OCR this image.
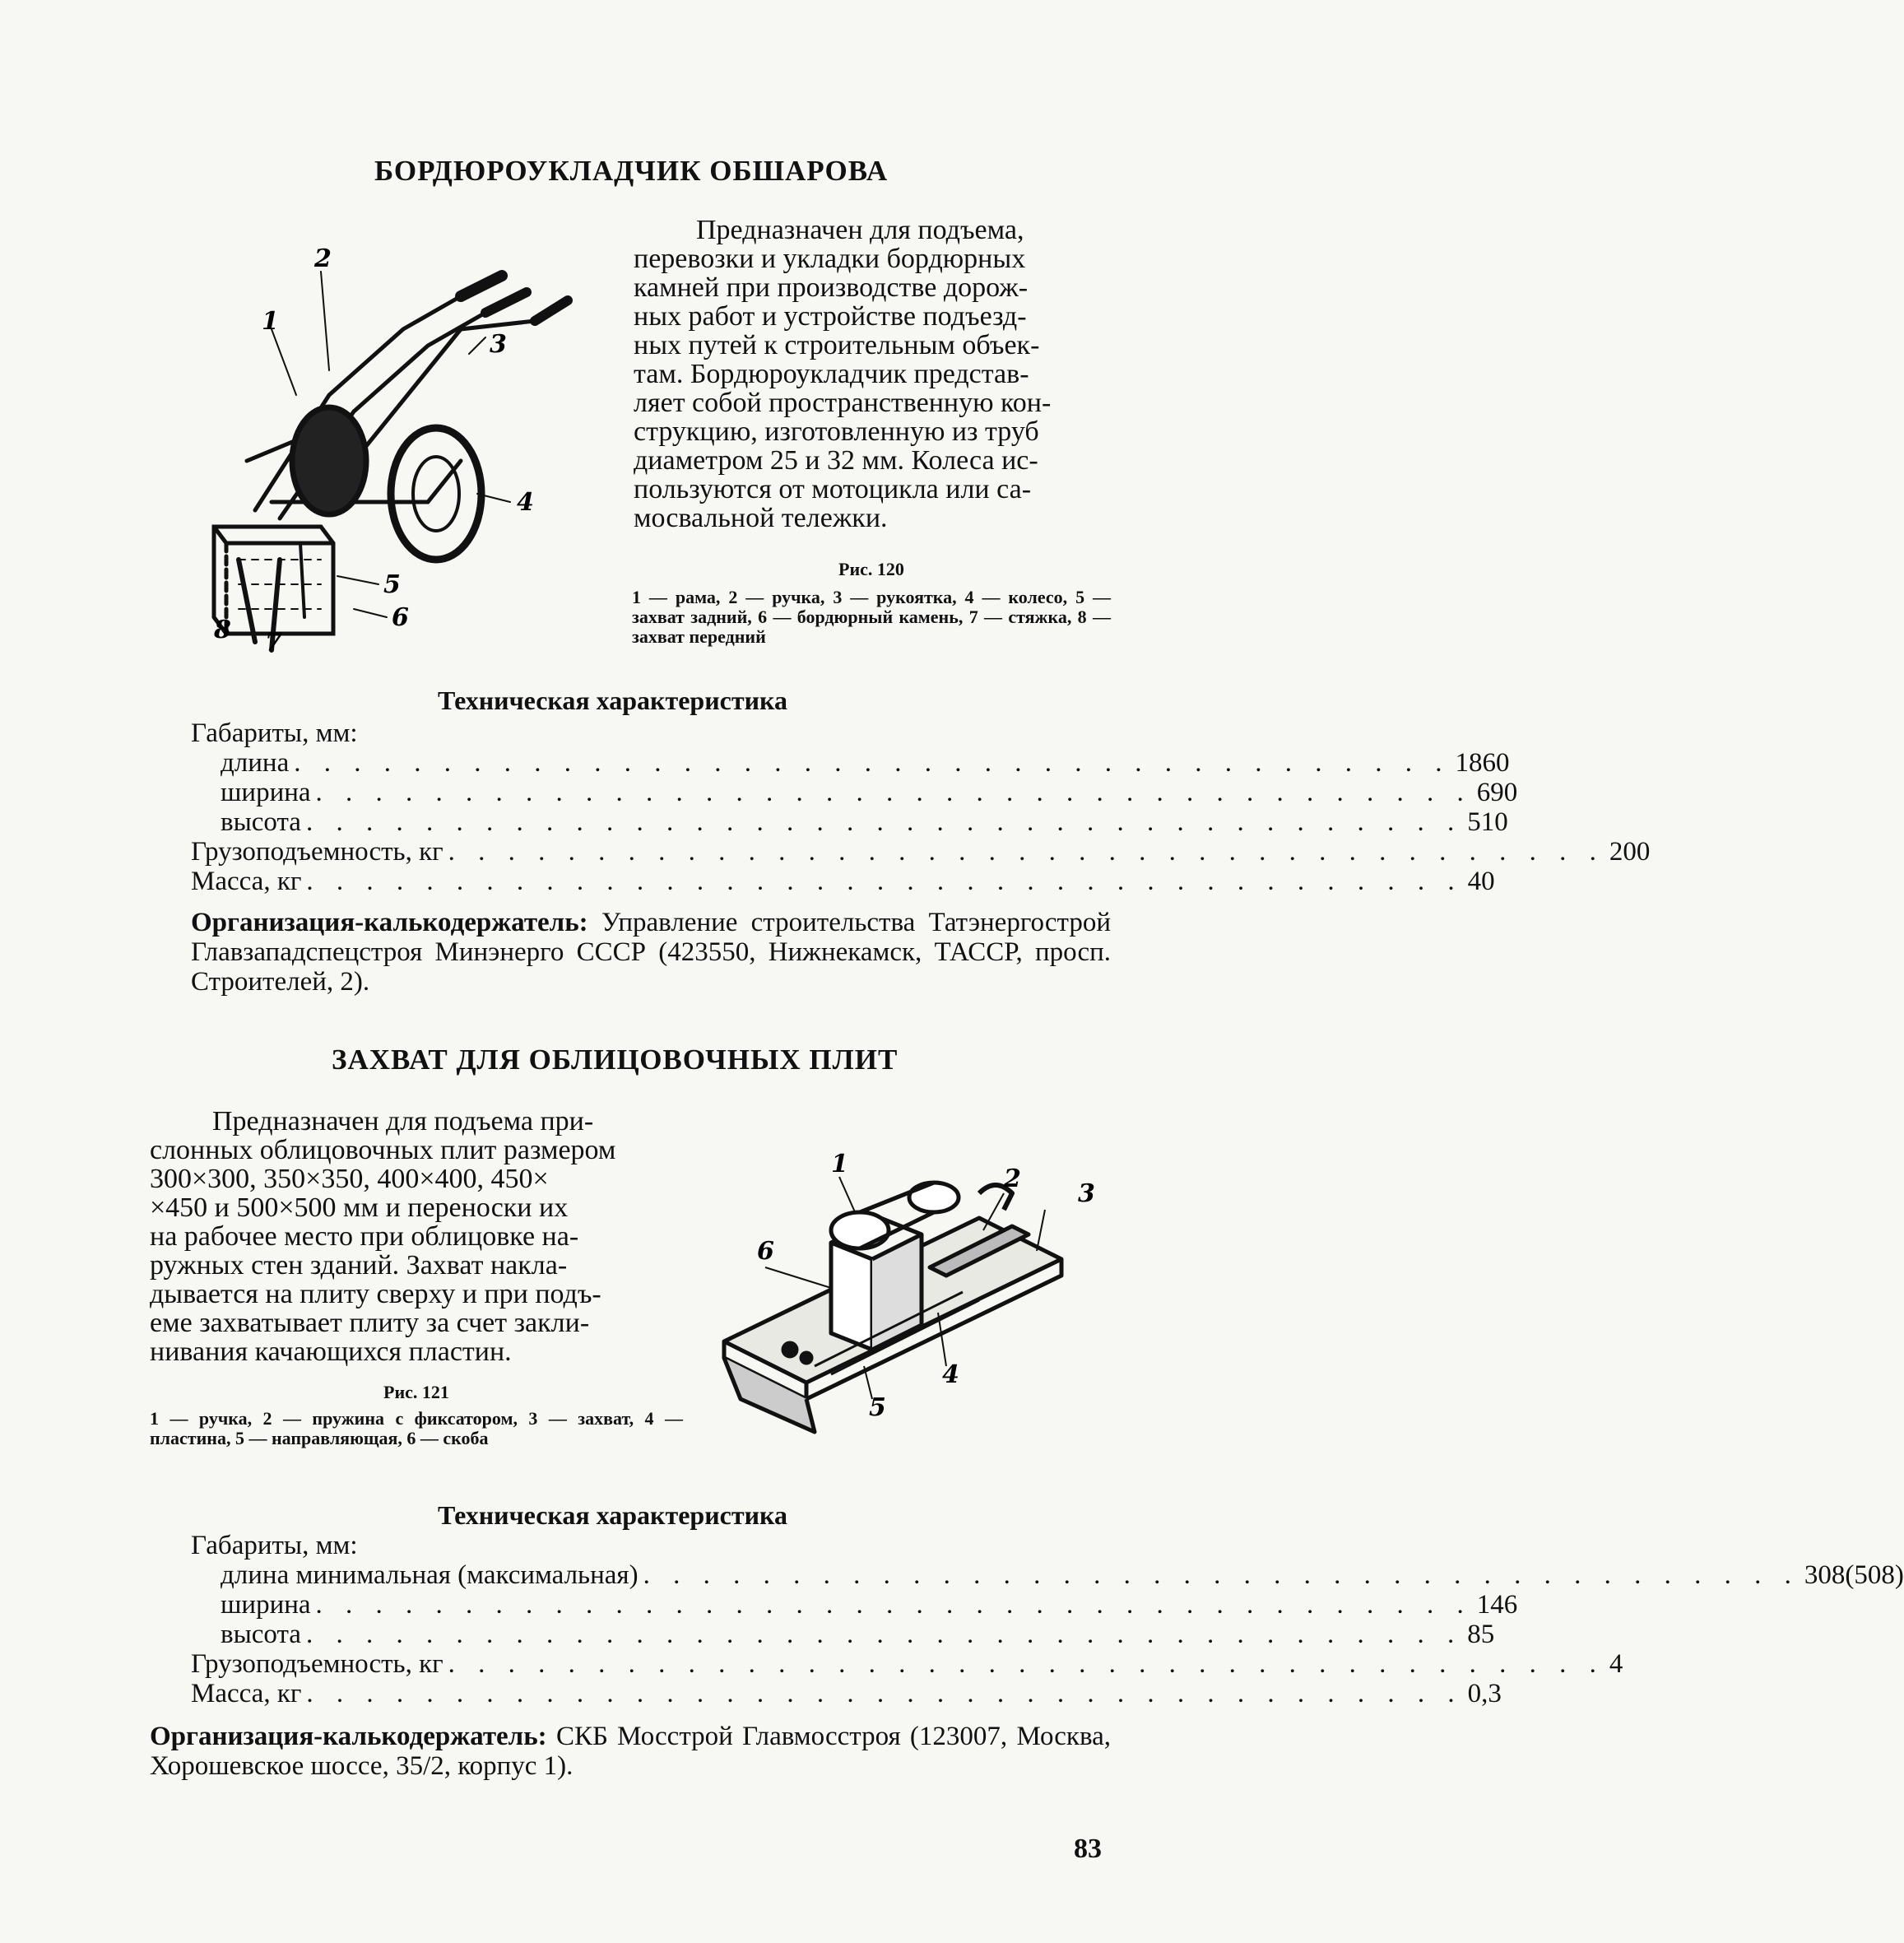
БОРДЮРОУКЛАДЧИК ОБШАРОВА
2
1
3
4
5
6
8 7

Предназначен для подъема,

перевозки и укладки бордюрных

камней при производстве дорож-

ных работ и устройстве подъезд-

ных путей к строительным объек-

там. Бордюроукладчик представ-

ляет собой пространственную кон-

струкцию, изготовленную из труб

диаметром 25 и 32 мм. Колеса ис-

пользуются от мотоцикла или са-

мосвальной тележки.

Рис. 120
1 — рама, 2 — ручка, 3 — рукоятка, 4 — колесо, 5 — захват задний, 6 — бордюрный камень, 7 — стяжка, 8 — захват передний
Техническая характеристика
Габариты, мм:
длина . . . . . . . . . . . . . . . . . . . . . . . . . . . . . . . . . . . . . . . 1860
ширина . . . . . . . . . . . . . . . . . . . . . . . . . . . . . . . . . . . . . . . 690
высота . . . . . . . . . . . . . . . . . . . . . . . . . . . . . . . . . . . . . . . 510
Грузоподъемность, кг . . . . . . . . . . . . . . . . . . . . . . . . . . . . . . . . . . . . . . . 200
Масса, кг . . . . . . . . . . . . . . . . . . . . . . . . . . . . . . . . . . . . . . . 40
Организация-калькодержатель: Управление строительства Татэнергострой Главзападспецстроя Минэнерго СССР (423550, Нижнекамск, ТАССР, просп. Строителей, 2).
ЗАХВАТ ДЛЯ ОБЛИЦОВОЧНЫХ ПЛИТ

Предназначен для подъема при-

слонных облицовочных плит размером

300×300, 350×350, 400×400, 450×

×450 и 500×500 мм и переноски их

на рабочее место при облицовке на-

ружных стен зданий. Захват накла-

дывается на плиту сверху и при подъ-

еме захватывает плиту за счет закли-

нивания качающихся пластин.

Рис. 121
1 — ручка, 2 — пружина с фиксатором, 3 — захват, 4 — пластина, 5 — направляющая, 6 — скоба
1
2
3
6
4
5
Техническая характеристика
Габариты, мм:
длина минимальная (максимальная) . . . . . . . . . . . . . . . . . . . . . . . . . . . . . . . . . . . . . . . 308(508)
ширина . . . . . . . . . . . . . . . . . . . . . . . . . . . . . . . . . . . . . . . 146
высота . . . . . . . . . . . . . . . . . . . . . . . . . . . . . . . . . . . . . . . 85
Грузоподъемность, кг . . . . . . . . . . . . . . . . . . . . . . . . . . . . . . . . . . . . . . . 4
Масса, кг . . . . . . . . . . . . . . . . . . . . . . . . . . . . . . . . . . . . . . . 0,3
Организация-калькодержатель: СКБ Мосстрой Главмосстроя (123007, Москва, Хорошевское шоссе, 35/2, корпус 1).
83
